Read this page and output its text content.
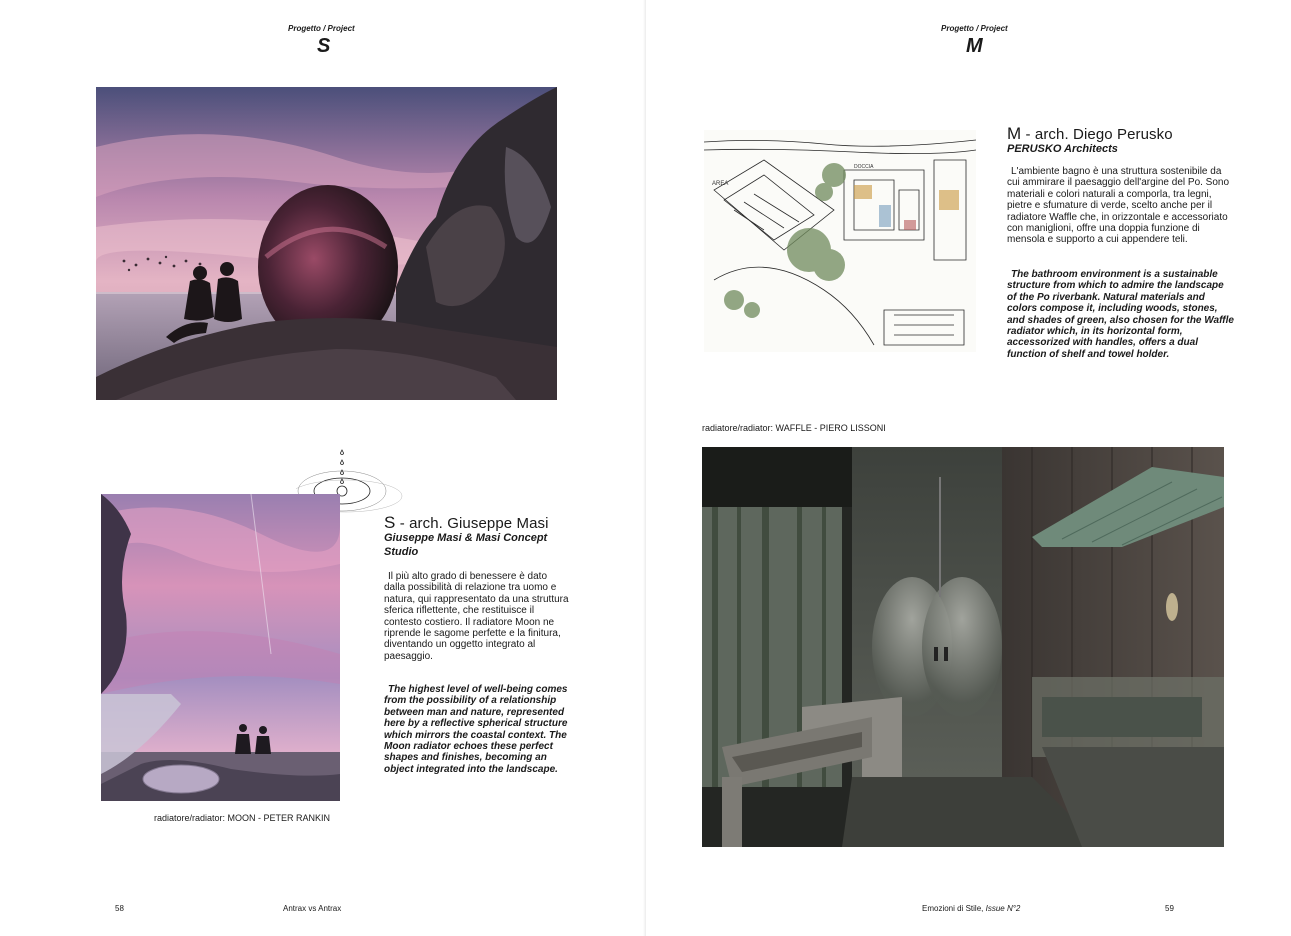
Progetto / Project
S
S - arch. Giuseppe Masi
Giuseppe Masi & Masi Concept Studio
Il più alto grado di benessere è dato dalla possibilità di relazione tra uomo e natura, qui rappresentato da una struttura sferica riflettente, che restituisce il contesto costiero. Il radiatore Moon ne riprende le sagome perfette e la finitura, diventando un oggetto integrato al paesaggio.
The highest level of well-being comes from the possibility of a relationship between man and nature, represented here by a reflective spherical structure which mirrors the coastal context. The Moon radiator echoes these perfect shapes and finishes, becoming an object integrated into the landscape.
radiatore/radiator: MOON - PETER RANKIN
58	Antrax vs Antrax
Progetto / Project
M
AREA
DOCCIA
M - arch. Diego Perusko
PERUSKO Architects
L'ambiente bagno è una struttura sostenibile da cui ammirare il paesaggio dell'argine del Po. Sono materiali e colori naturali a comporla, tra legni, pietre e sfumature di verde, scelto anche per il radiatore Waffle che, in orizzontale e accessoriato con maniglioni, offre una doppia funzione di mensola e supporto a cui appendere teli.
The bathroom environment is a sustainable structure from which to admire the landscape of the Po riverbank. Natural materials and colors compose it, including woods, stones, and shades of green, also chosen for the Waffle radiator which, in its horizontal form, accessorized with handles, offers a dual function of shelf and towel holder.
radiatore/radiator: WAFFLE - PIERO LISSONI
Emozioni di Stile, Issue N°2	59
